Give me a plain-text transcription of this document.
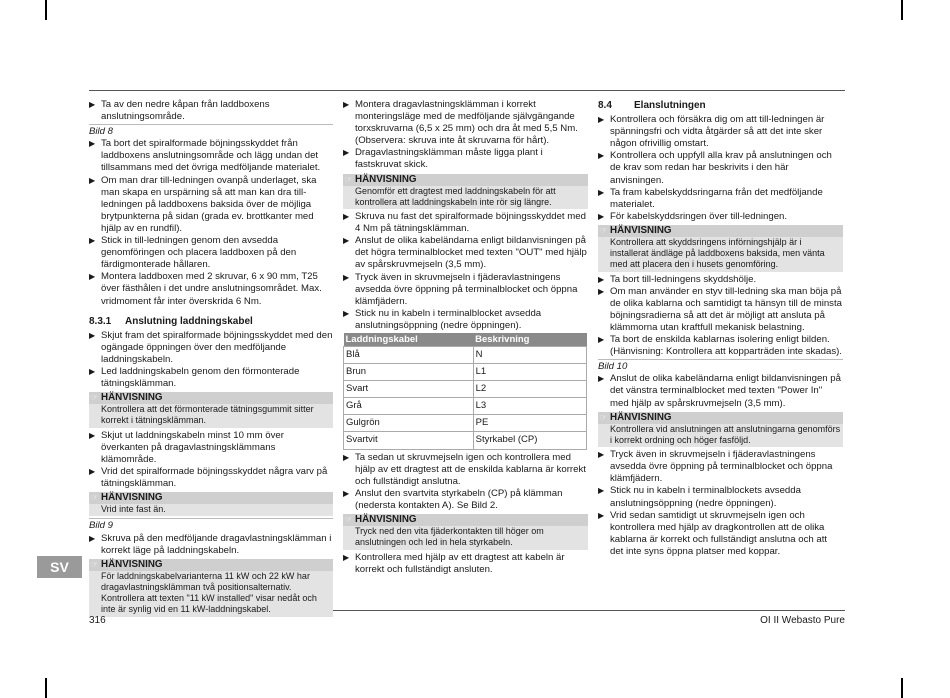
▶ Ta av den nedre kåpan från laddboxens anslutningsområde.
Bild 8
▶ Ta bort det spiralformade böjningsskyddet från laddboxens anslutningsområde och lägg undan det tillsammans med det övriga medföljande materialet.
▶ Om man drar till-ledningen ovanpå underlaget, ska man skapa en urspärning så att man kan dra till-ledningen på laddboxens baksida över de möjliga brytpunkterna på sidan (grada ev. brottkanter med hjälp av en rundfil).
▶ Stick in till-ledningen genom den avsedda genomföringen och placera laddboxen på den färdigmonterade hållaren.
▶ Montera laddboxen med 2 skruvar, 6 x 90 mm, T25 över fästhålen i det undre anslutningsområdet. Max. vridmoment får inter överskrida 6 Nm.
8.3.1 Anslutning laddningskabel
▶ Skjut fram det spiralformade böjningsskyddet med den ogängade öppningen över den medföljande laddningskabeln.
▶ Led laddningskabeln genom den förmonterade tätningsklämman.
☞ HÄNVISNING
Kontrollera att det förmonterade tätningsgummit sitter korrekt i tätningsklämman.
▶ Skjut ut laddningskabeln minst 10 mm över överkanten på dragavlastningsklämmans klämområde.
▶ Vrid det spiralformade böjningsskyddet några varv på tätningsklämman.
☞ HÄNVISNING
Vrid inte fast än.
Bild 9
▶ Skruva på den medföljande dragavlastningsklämman i korrekt läge på laddningskabeln.
☞ HÄNVISNING
För laddningskabelvarianterna 11 kW och 22 kW har dragavlastningsklämman två positionsalternativ. Kontrollera att texten "11 kW installed" visar nedåt och inte är synlig vid en 11 kW-laddningskabel.
▶ Montera dragavlastningsklämman i korrekt monteringsläge med de medföljande självgängande torxskruvarna (6,5 x 25 mm) och dra åt med 5,5 Nm. (Observera: skruva inte åt skruvarna för hårt).
▶ Dragavlastningsklämman måste ligga plant i fastskruvat skick.
☞ HÄNVISNING
Genomför ett dragtest med laddningskabeln för att kontrollera att laddningskabeln inte rör sig längre.
▶ Skruva nu fast det spiralformade böjningsskyddet med 4 Nm på tätningsklämman.
▶ Anslut de olika kabeländarna enligt bildanvisningen på det högra terminalblocket med texten "OUT" med hjälp av spårskruvmejseln (3,5 mm).
▶ Tryck även in skruvmejseln i fjäderavlastningens avsedda övre öppning på terminalblocket och öppna klämfjädern.
▶ Stick nu in kabeln i terminalblocket avsedda anslutningsöppning (nedre öppningen).
Laddningskabel	Beskrivning
Blå	N
Brun	L1
Svart	L2
Grå	L3
Gulgrön	PE
Svartvit	Styrkabel (CP)
▶ Ta sedan ut skruvmejseln igen och kontrollera med hjälp av ett dragtest att de enskilda kablarna är korrekt och fullständigt anslutna.
▶ Anslut den svartvita styrkabeln (CP) på klämman (nedersta kontakten A). Se Bild 2.
☞ HÄNVISNING
Tryck ned den vita fjäderkontakten till höger om anslutningen och led in hela styrkabeln.
▶ Kontrollera med hjälp av ett dragtest att kabeln är korrekt och fullständigt ansluten.
8.4 Elanslutningen
▶ Kontrollera och försäkra dig om att till-ledningen är spänningsfri och vidta åtgärder så att det inte sker någon ofrivillig omstart.
▶ Kontrollera och uppfyll alla krav på anslutningen och de krav som redan har beskrivits i den här anvisningen.
▶ Ta fram kabelskyddsringarna från det medföljande materialet.
▶ För kabelskyddsringen över till-ledningen.
☞ HÄNVISNING
Kontrollera att skyddsringens införningshjälp är i installerat ändläge på laddboxens baksida, men vänta med att placera den i husets genomföring.
▶ Ta bort till-ledningens skyddshölje.
▶ Om man använder en styv till-ledning ska man böja på de olika kablarna och samtidigt ta hänsyn till de minsta böjningsradierna så att det är möjligt att ansluta på klämmorna utan kraftfull mekanisk belastning.
▶ Ta bort de enskilda kablarnas isolering enligt bilden. (Hänvisning: Kontrollera att kopparträden inte skadas).
Bild 10
▶ Anslut de olika kabeländarna enligt bildanvisningen på det vänstra terminalblocket med texten "Power In" med hjälp av spårskruvmejseln (3,5 mm).
☞ HÄNVISNING
Kontrollera vid anslutningen att anslutningarna genomförs i korrekt ordning och höger fasföljd.
▶ Tryck även in skruvmejseln i fjäderavlastningens avsedda övre öppning på terminalblocket och öppna klämfjädern.
▶ Stick nu in kabeln i terminalblockets avsedda anslutningsöppning (nedre öppningen).
▶ Vrid sedan samtidigt ut skruvmejseln igen och kontrollera med hjälp av dragkontrollen att de olika kablarna är korrekt och fullständigt anslutna och att det inte syns öppna platser med koppar.
SV
316	OI II Webasto Pure
